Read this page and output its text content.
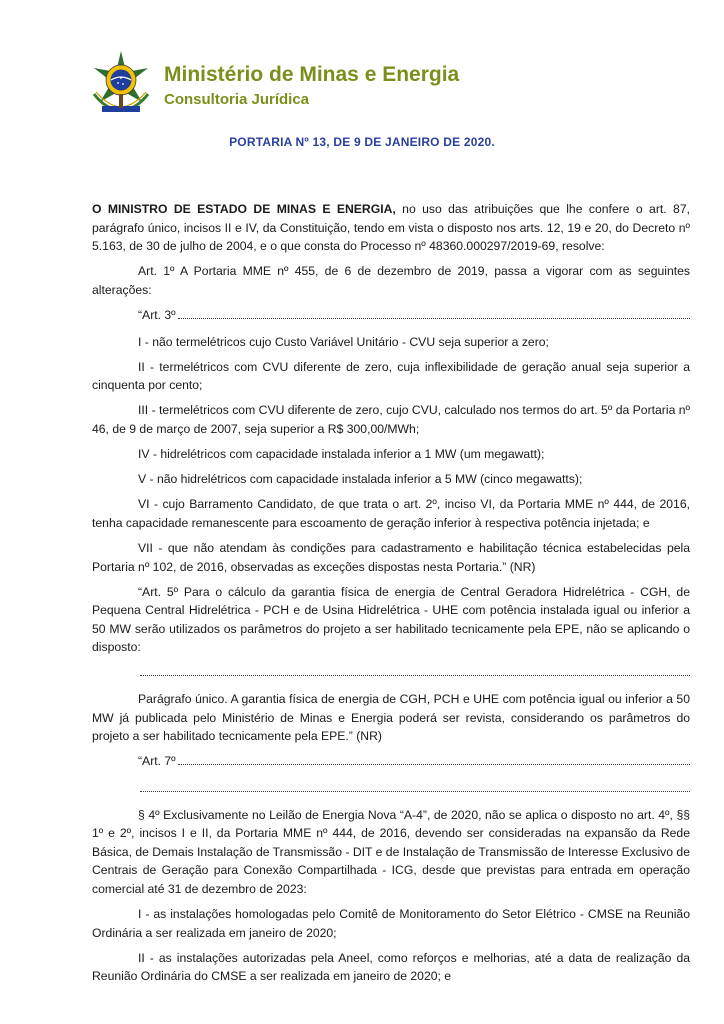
Ministério de Minas e Energia
Consultoria Jurídica
PORTARIA Nº 13, DE 9 DE JANEIRO DE 2020.

O MINISTRO DE ESTADO DE MINAS E ENERGIA, no uso das atribuições que lhe confere o art. 87, parágrafo único, incisos II e IV, da Constituição, tendo em vista o disposto nos arts. 12, 19 e 20, do Decreto nº 5.163, de 30 de julho de 2004, e o que consta do Processo nº 48360.000297/2019-69, resolve:

Art. 1º A Portaria MME nº 455, de 6 de dezembro de 2019, passa a vigorar com as seguintes alterações:

“Art. 3º

I - não termelétricos cujo Custo Variável Unitário - CVU seja superior a zero;

II - termelétricos com CVU diferente de zero, cuja inflexibilidade de geração anual seja superior a cinquenta por cento;

III - termelétricos com CVU diferente de zero, cujo CVU, calculado nos termos do art. 5º da Portaria nº 46, de 9 de março de 2007, seja superior a R$ 300,00/MWh;

IV - hidrelétricos com capacidade instalada inferior a 1 MW (um megawatt);

V - não hidrelétricos com capacidade instalada inferior a 5 MW (cinco megawatts);

VI - cujo Barramento Candidato, de que trata o art. 2º, inciso VI, da Portaria MME nº 444, de 2016, tenha capacidade remanescente para escoamento de geração inferior à respectiva potência injetada; e

VII - que não atendam às condições para cadastramento e habilitação técnica estabelecidas pela Portaria nº 102, de 2016, observadas as exceções dispostas nesta Portaria.” (NR)

“Art. 5º Para o cálculo da garantia física de energia de Central Geradora Hidrelétrica - CGH, de Pequena Central Hidrelétrica - PCH e de Usina Hidrelétrica - UHE com potência instalada igual ou inferior a 50 MW serão utilizados os parâmetros do projeto a ser habilitado tecnicamente pela EPE, não se aplicando o disposto:

Parágrafo único. A garantia física de energia de CGH, PCH e UHE com potência igual ou inferior a 50 MW já publicada pelo Ministério de Minas e Energia poderá ser revista, considerando os parâmetros do projeto a ser habilitado tecnicamente pela EPE.” (NR)

“Art. 7º

§ 4º Exclusivamente no Leilão de Energia Nova “A-4”, de 2020, não se aplica o disposto no art. 4º, §§ 1º e 2º, incisos I e II, da Portaria MME nº 444, de 2016, devendo ser consideradas na expansão da Rede Básica, de Demais Instalação de Transmissão - DIT e de Instalação de Transmissão de Interesse Exclusivo de Centrais de Geração para Conexão Compartilhada - ICG, desde que previstas para entrada em operação comercial até 31 de dezembro de 2023:

I - as instalações homologadas pelo Comitê de Monitoramento do Setor Elétrico - CMSE na Reunião Ordinária a ser realizada em janeiro de 2020;

II - as instalações autorizadas pela Aneel, como reforços e melhorias, até a data de realização da Reunião Ordinária do CMSE a ser realizada em janeiro de 2020; e
